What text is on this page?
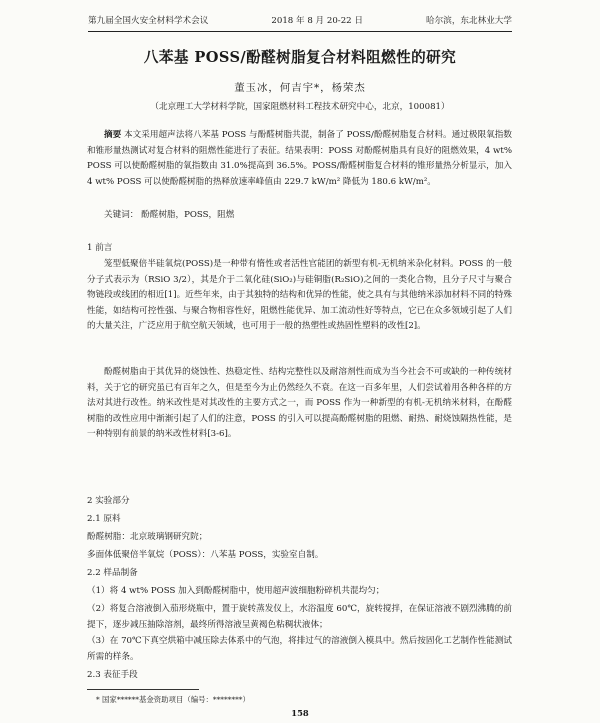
第九届全国火安全材料学术会议	2018 年 8 月 20-22 日	哈尔滨，东北林业大学
八苯基 POSS/酚醛树脂复合材料阻燃性的研究
董玉冰，何吉宇*，杨荣杰
（北京理工大学材料学院，国家阻燃材料工程技术研究中心，北京，100081）
摘要 本文采用超声法将八苯基 POSS 与酚醛树脂共混，制备了 POSS/酚醛树脂复合材料。通过极限氧指数和锥形量热测试对复合材料的阻燃性能进行了表征。结果表明：POSS 对酚醛树脂具有良好的阻燃效果，4 wt% POSS 可以使酚醛树脂的氧指数由 31.0%提高到 36.5%。POSS/酚醛树脂复合材料的锥形量热分析显示，加入 4 wt% POSS 可以使酚醛树脂的热释放速率峰值由 229.7 kW/m² 降低为 180.6 kW/m²。
关键词： 酚醛树脂，POSS，阻燃
1 前言
笼型低聚倍半硅氧烷(POSS)是一种带有惰性或者活性官能团的新型有机-无机纳米杂化材料。POSS 的一般分子式表示为（RSiO 3/2），其是介于二氧化硅(SiO₂)与硅铜脂(R₂SiO)之间的一类化合物，且分子尺寸与聚合物链段或线团的相近[1]。近些年来，由于其独特的结构和优异的性能，使之具有与其他纳米添加材料不同的特殊性能，如结构可控性强、与聚合物相容性好，阻燃性能优异、加工流动性好等特点，它已在众多领域引起了人们的大量关注，广泛应用于航空航天领域，也可用于一般的热塑性或热固性塑料的改性[2]。
酚醛树脂由于其优异的烧蚀性、热稳定性、结构完整性以及耐溶剂性而成为当今社会不可或缺的一种传统材料，关于它的研究虽已有百年之久，但是至今为止仍然经久不衰。在这一百多年里，人们尝试着用各种各样的方法对其进行改性。纳米改性是对其改性的主要方式之一，而 POSS 作为一种新型的有机-无机纳米材料，在酚醛树脂的改性应用中渐渐引起了人们的注意，POSS 的引入可以提高酚醛树脂的阻燃、耐热、耐烧蚀隔热性能，是一种特别有前景的纳米改性材料[3-6]。
2 实验部分
2.1 原料
酚醛树脂：北京玻璃钢研究院；
多面体低聚倍半氧烷（POSS）：八苯基 POSS，实验室自制。
2.2 样品制备
（1）将 4 wt% POSS 加入到酚醛树脂中，使用超声波细胞粉碎机共混均匀；
（2）将复合溶液倒入茄形烧瓶中，置于旋转蒸发仪上，水浴温度 60℃，旋转搅拌，在保证溶液不剧烈沸腾的前提下，逐步减压抽除溶剂，最终所得溶液呈黄褐色粘稠状液体；
（3）在 70℃下真空烘箱中减压除去体系中的气泡，将排过气的溶液倒入模具中。然后按固化工艺制作性能测试所需的样条。
2.3 表征手段
* 国家******基金资助项目（编号：********）
158
